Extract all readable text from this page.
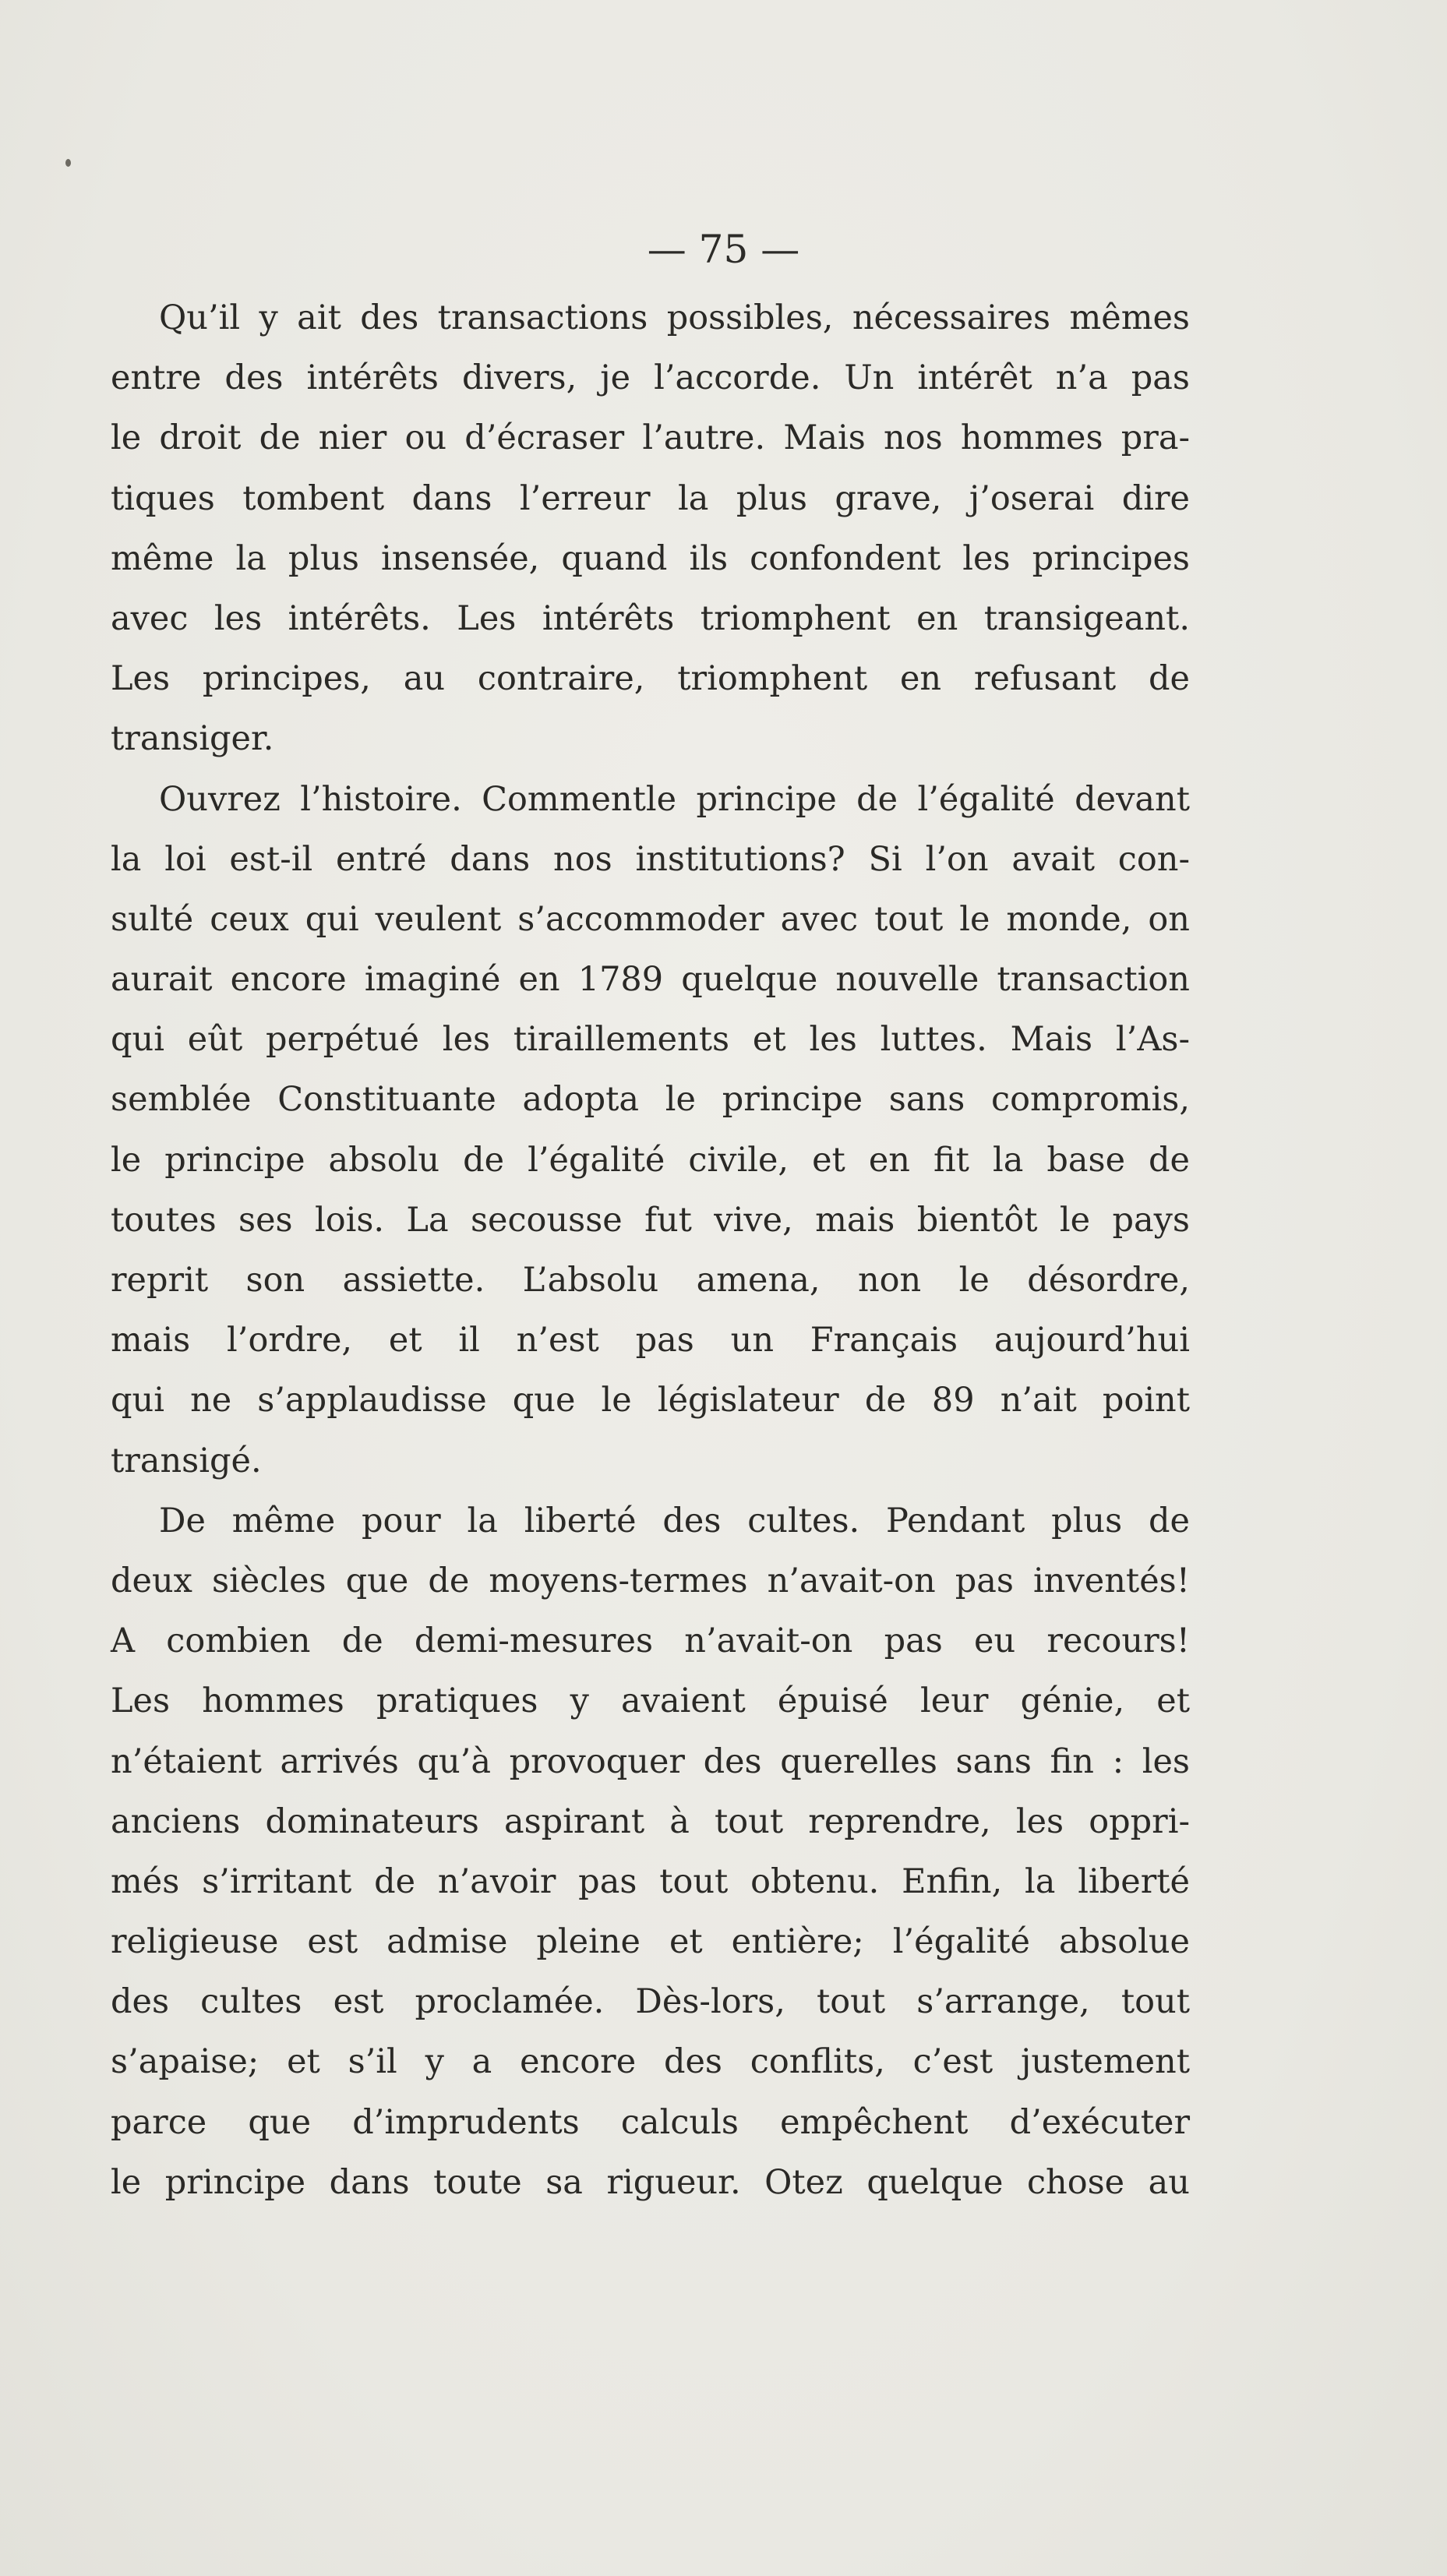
— 75 —
Qu’il y ait des transactions possibles, nécessaires mêmes
entre des intérêts divers, je l’accorde. Un intérêt n’a pas
le droit de nier ou d’écraser l’autre. Mais nos hommes pra-
tiques tombent dans l’erreur la plus grave, j’oserai dire
même la plus insensée, quand ils confondent les principes
avec les intérêts. Les intérêts triomphent en transigeant.
Les principes, au contraire, triomphent en refusant de
transiger.
Ouvrez l’histoire. Commentle principe de l’égalité devant
la loi est-il entré dans nos institutions? Si l’on avait con-
sulté ceux qui veulent s’accommoder avec tout le monde, on
aurait encore imaginé en 1789 quelque nouvelle transaction
qui eût perpétué les tiraillements et les luttes. Mais l’As-
semblée Constituante adopta le principe sans compromis,
le principe absolu de l’égalité civile, et en fit la base de
toutes ses lois. La secousse fut vive, mais bientôt le pays
reprit son assiette. L’absolu amena, non le désordre,
mais l’ordre, et il n’est pas un Français aujourd’hui
qui ne s’applaudisse que le législateur de 89 n’ait point
transigé.
De même pour la liberté des cultes. Pendant plus de
deux siècles que de moyens-termes n’avait-on pas inventés!
A combien de demi-mesures n’avait-on pas eu recours!
Les hommes pratiques y avaient épuisé leur génie, et
n’étaient arrivés qu’à provoquer des querelles sans fin : les
anciens dominateurs aspirant à tout reprendre, les oppri-
més s’irritant de n’avoir pas tout obtenu. Enfin, la liberté
religieuse est admise pleine et entière; l’égalité absolue
des cultes est proclamée. Dès-lors, tout s’arrange, tout
s’apaise; et s’il y a encore des conflits, c’est justement
parce que d’imprudents calculs empêchent d’exécuter
le principe dans toute sa rigueur. Otez quelque chose au
